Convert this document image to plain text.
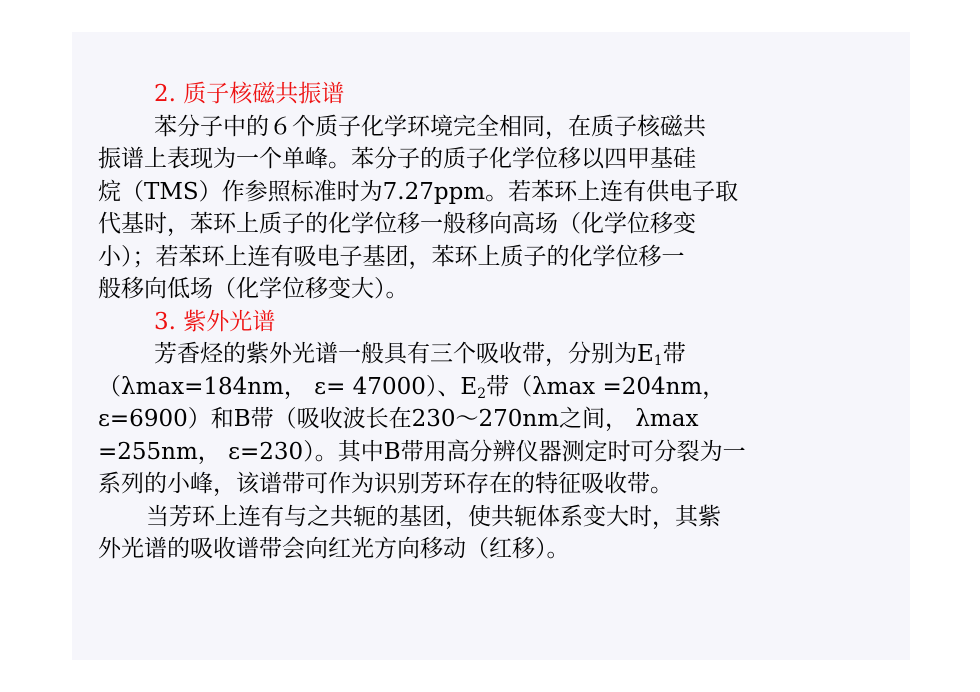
2. 质子核磁共振谱
苯分子中的６个质子化学环境完全相同，在质子核磁共
振谱上表现为一个单峰。苯分子的质子化学位移以四甲基硅
烷（TMS）作参照标准时为7.27ppm。若苯环上连有供电子取
代基时，苯环上质子的化学位移一般移向高场（化学位移变
小）；若苯环上连有吸电子基团，苯环上质子的化学位移一
般移向低场（化学位移变大）。
3. 紫外光谱
芳香烃的紫外光谱一般具有三个吸收带，分别为$E_1$带
（λmax=184nm， ε= 47000）、$E_2$带（λmax =204nm，
ε=6900）和B带（吸收波长在230～270nm之间， λmax
=255nm， ε=230）。其中B带用高分辨仪器测定时可分裂为一
系列的小峰，该谱带可作为识别芳环存在的特征吸收带。
当芳环上连有与之共轭的基团，使共轭体系变大时，其紫
外光谱的吸收谱带会向红光方向移动（红移）。
